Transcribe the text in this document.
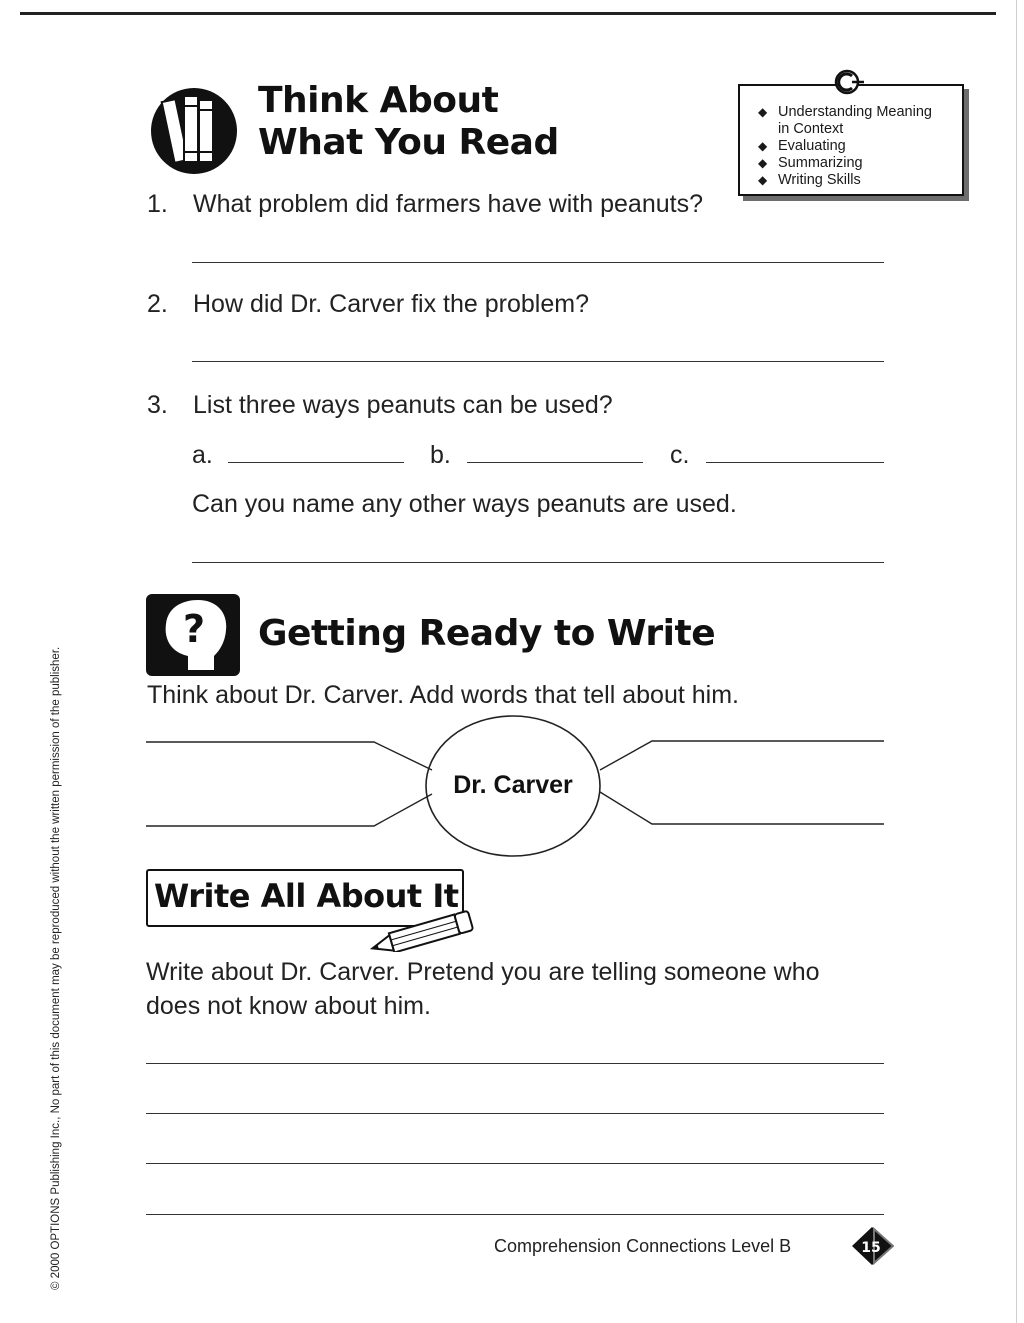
Think About
What You Read
◆ Understanding Meaning
in Context
◆ Evaluating
◆ Summarizing
◆ Writing Skills
1. What problem did farmers have with peanuts?
2. How did Dr. Carver fix the problem?
3. List three ways peanuts can be used?
a.	b.	c.
Can you name any other ways peanuts are used.
? Getting Ready to Write
Think about Dr. Carver. Add words that tell about him.
Dr. Carver
Write All About It
Write about Dr. Carver. Pretend you are telling someone who
does not know about him.
Comprehension Connections Level B	15
© 2000 OPTIONS Publishing Inc., No part of this document may be reproduced without the written permission of the publisher.
